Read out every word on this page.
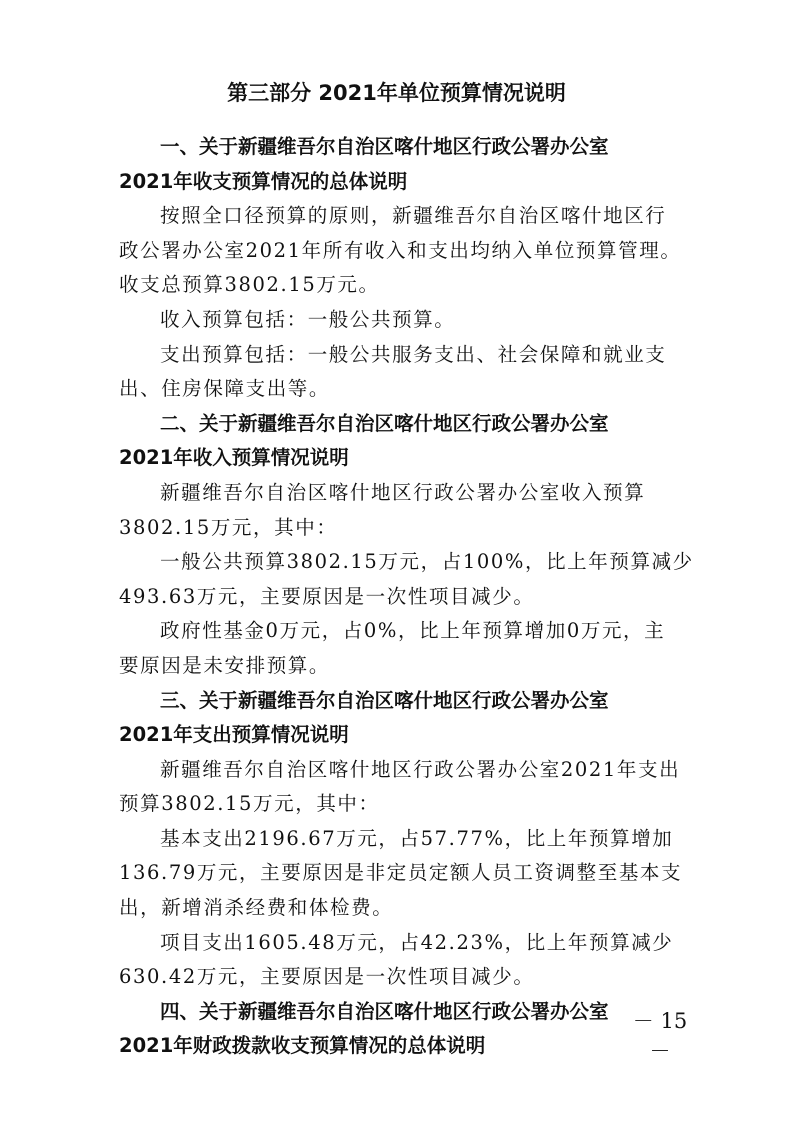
第三部分 2021年单位预算情况说明
一、关于新疆维吾尔自治区喀什地区行政公署办公室
2021年收支预算情况的总体说明
按照全口径预算的原则，新疆维吾尔自治区喀什地区行
政公署办公室2021年所有收入和支出均纳入单位预算管理。
收支总预算3802.15万元。
收入预算包括：一般公共预算。
支出预算包括：一般公共服务支出、社会保障和就业支
出、住房保障支出等。
二、关于新疆维吾尔自治区喀什地区行政公署办公室
2021年收入预算情况说明
新疆维吾尔自治区喀什地区行政公署办公室收入预算
3802.15万元，其中：
一般公共预算3802.15万元，占100%，比上年预算减少
493.63万元，主要原因是一次性项目减少。
政府性基金0万元，占0%，比上年预算增加0万元，主
要原因是未安排预算。
三、关于新疆维吾尔自治区喀什地区行政公署办公室
2021年支出预算情况说明
新疆维吾尔自治区喀什地区行政公署办公室2021年支出
预算3802.15万元，其中：
基本支出2196.67万元，占57.77%，比上年预算增加
136.79万元，主要原因是非定员定额人员工资调整至基本支
出，新增消杀经费和体检费。
项目支出1605.48万元，占42.23%，比上年预算减少
630.42万元，主要原因是一次性项目减少。
四、关于新疆维吾尔自治区喀什地区行政公署办公室
2021年财政拨款收支预算情况的总体说明
－ 15 －
